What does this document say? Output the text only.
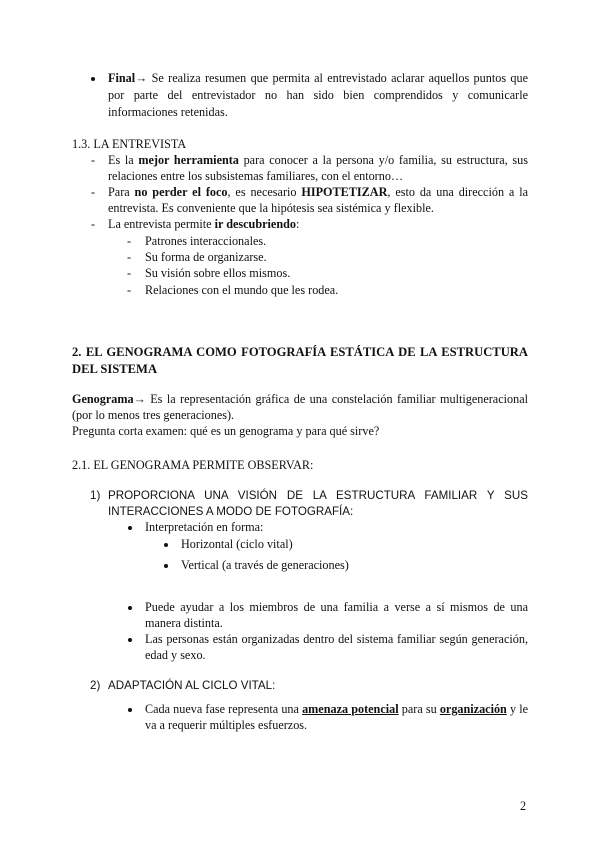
Final→ Se realiza resumen que permita al entrevistado aclarar aquellos puntos que por parte del entrevistador no han sido bien comprendidos y comunicarle informaciones retenidas.
1.3. LA ENTREVISTA
- Es la mejor herramienta para conocer a la persona y/o familia, su estructura, sus relaciones entre los subsistemas familiares, con el entorno…
- Para no perder el foco, es necesario HIPOTETIZAR, esto da una dirección a la entrevista. Es conveniente que la hipótesis sea sistémica y flexible.
- La entrevista permite ir descubriendo:
- Patrones interaccionales.
- Su forma de organizarse.
- Su visión sobre ellos mismos.
- Relaciones con el mundo que les rodea.
2. EL GENOGRAMA COMO FOTOGRAFÍA ESTÁTICA DE LA ESTRUCTURA DEL SISTEMA
Genograma→ Es la representación gráfica de una constelación familiar multigeneracional (por lo menos tres generaciones).
Pregunta corta examen: qué es un genograma y para qué sirve?
2.1. EL GENOGRAMA PERMITE OBSERVAR:
1) PROPORCIONA UNA VISIÓN DE LA ESTRUCTURA FAMILIAR Y SUS INTERACCIONES A MODO DE FOTOGRAFÍA:
Interpretación en forma:
Horizontal (ciclo vital)
Vertical (a través de generaciones)
Puede ayudar a los miembros de una familia a verse a sí mismos de una manera distinta.
Las personas están organizadas dentro del sistema familiar según generación, edad y sexo.
2) ADAPTACIÓN AL CICLO VITAL:
Cada nueva fase representa una amenaza potencial para su organización y le va a requerir múltiples esfuerzos.
2
